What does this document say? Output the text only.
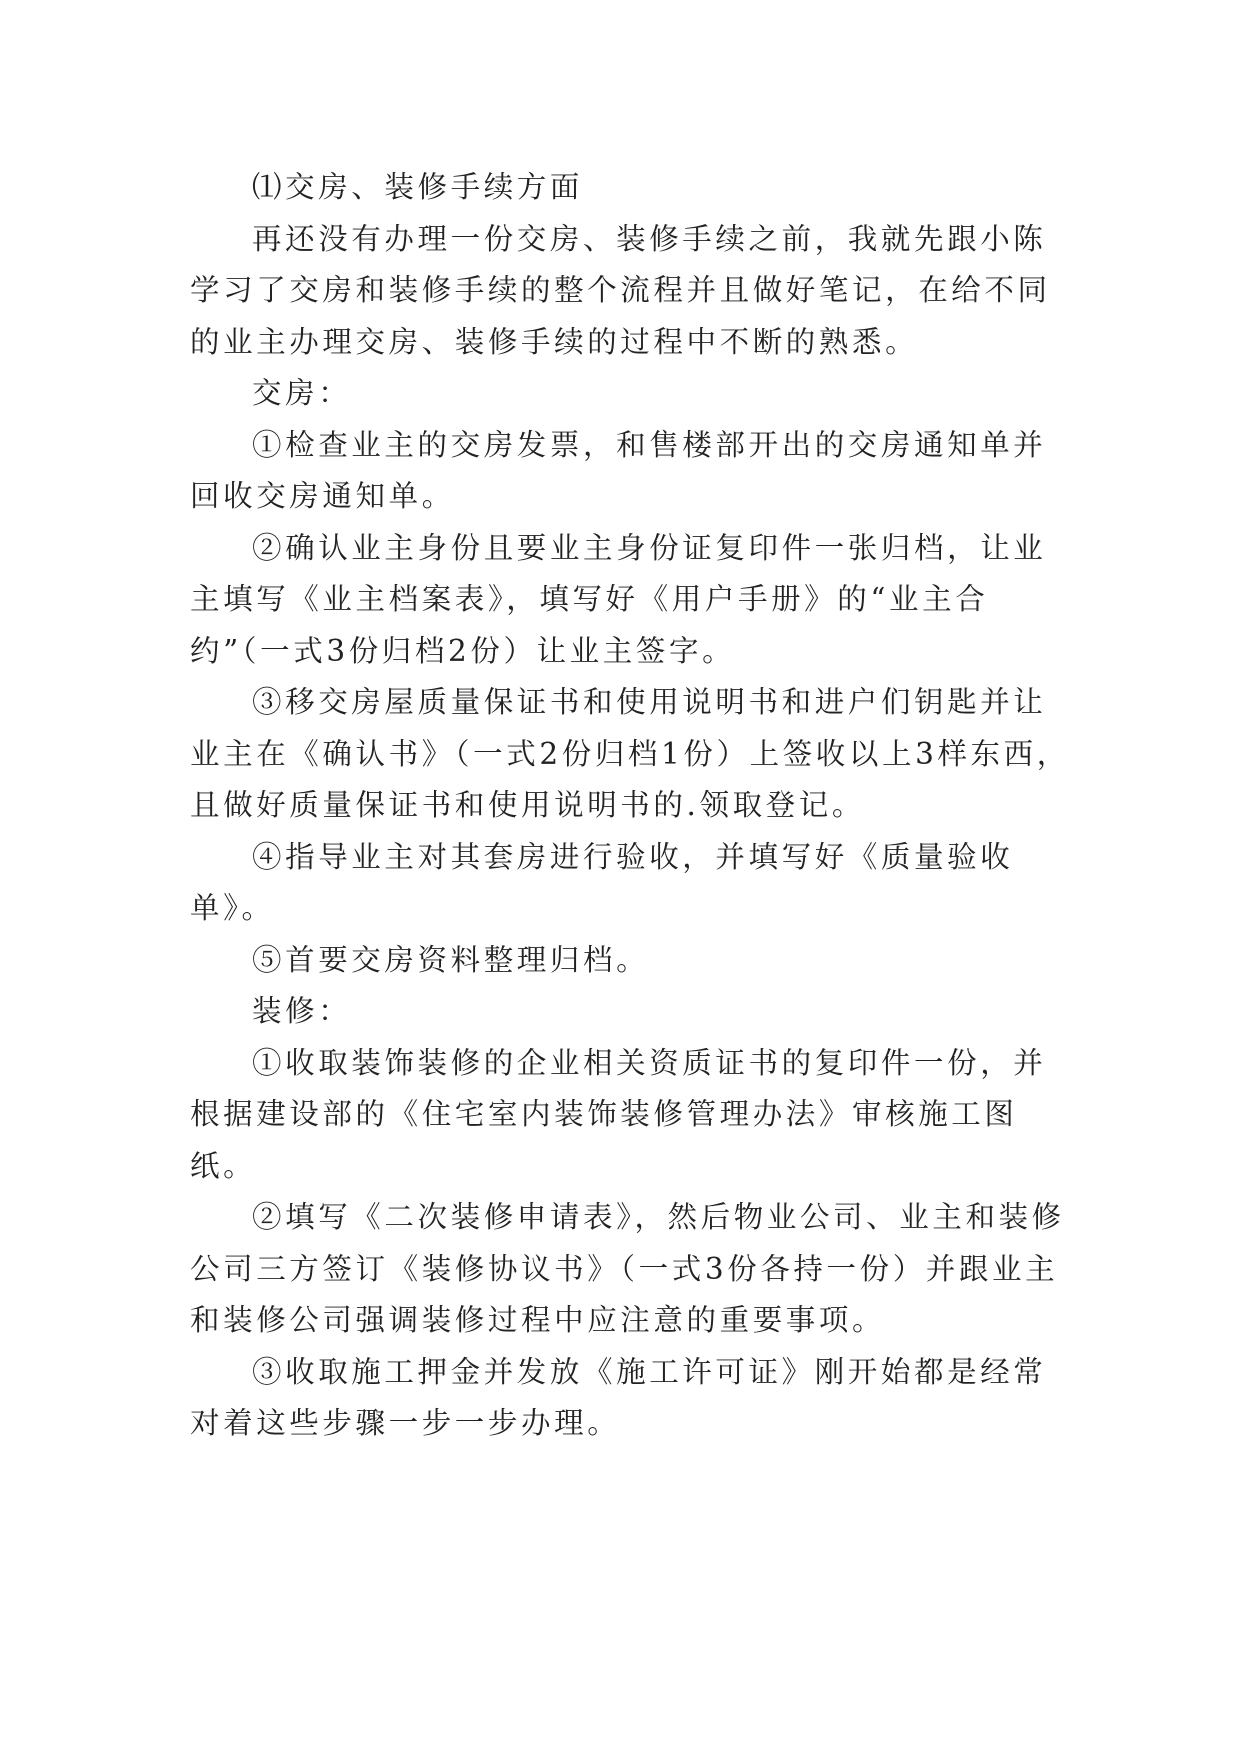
⑴交房、装修手续方面

再还没有办理一份交房、装修手续之前，我就先跟小陈学习了交房和装修手续的整个流程并且做好笔记，在给不同的业主办理交房、装修手续的过程中不断的熟悉。

交房：

①检查业主的交房发票，和售楼部开出的交房通知单并回收交房通知单。

②确认业主身份且要业主身份证复印件一张归档，让业主填写《业主档案表》，填写好《用户手册》的“业主合约”（一式3份归档2份）让业主签字。

③移交房屋质量保证书和使用说明书和进户们钥匙并让业主在《确认书》（一式2份归档1份）上签收以上3样东西，且做好质量保证书和使用说明书的.领取登记。

④指导业主对其套房进行验收，并填写好《质量验收单》。

⑤首要交房资料整理归档。

装修：

①收取装饰装修的企业相关资质证书的复印件一份，并根据建设部的《住宅室内装饰装修管理办法》审核施工图纸。

②填写《二次装修申请表》，然后物业公司、业主和装修公司三方签订《装修协议书》（一式3份各持一份）并跟业主和装修公司强调装修过程中应注意的重要事项。

③收取施工押金并发放《施工许可证》刚开始都是经常对着这些步骤一步一步办理。
